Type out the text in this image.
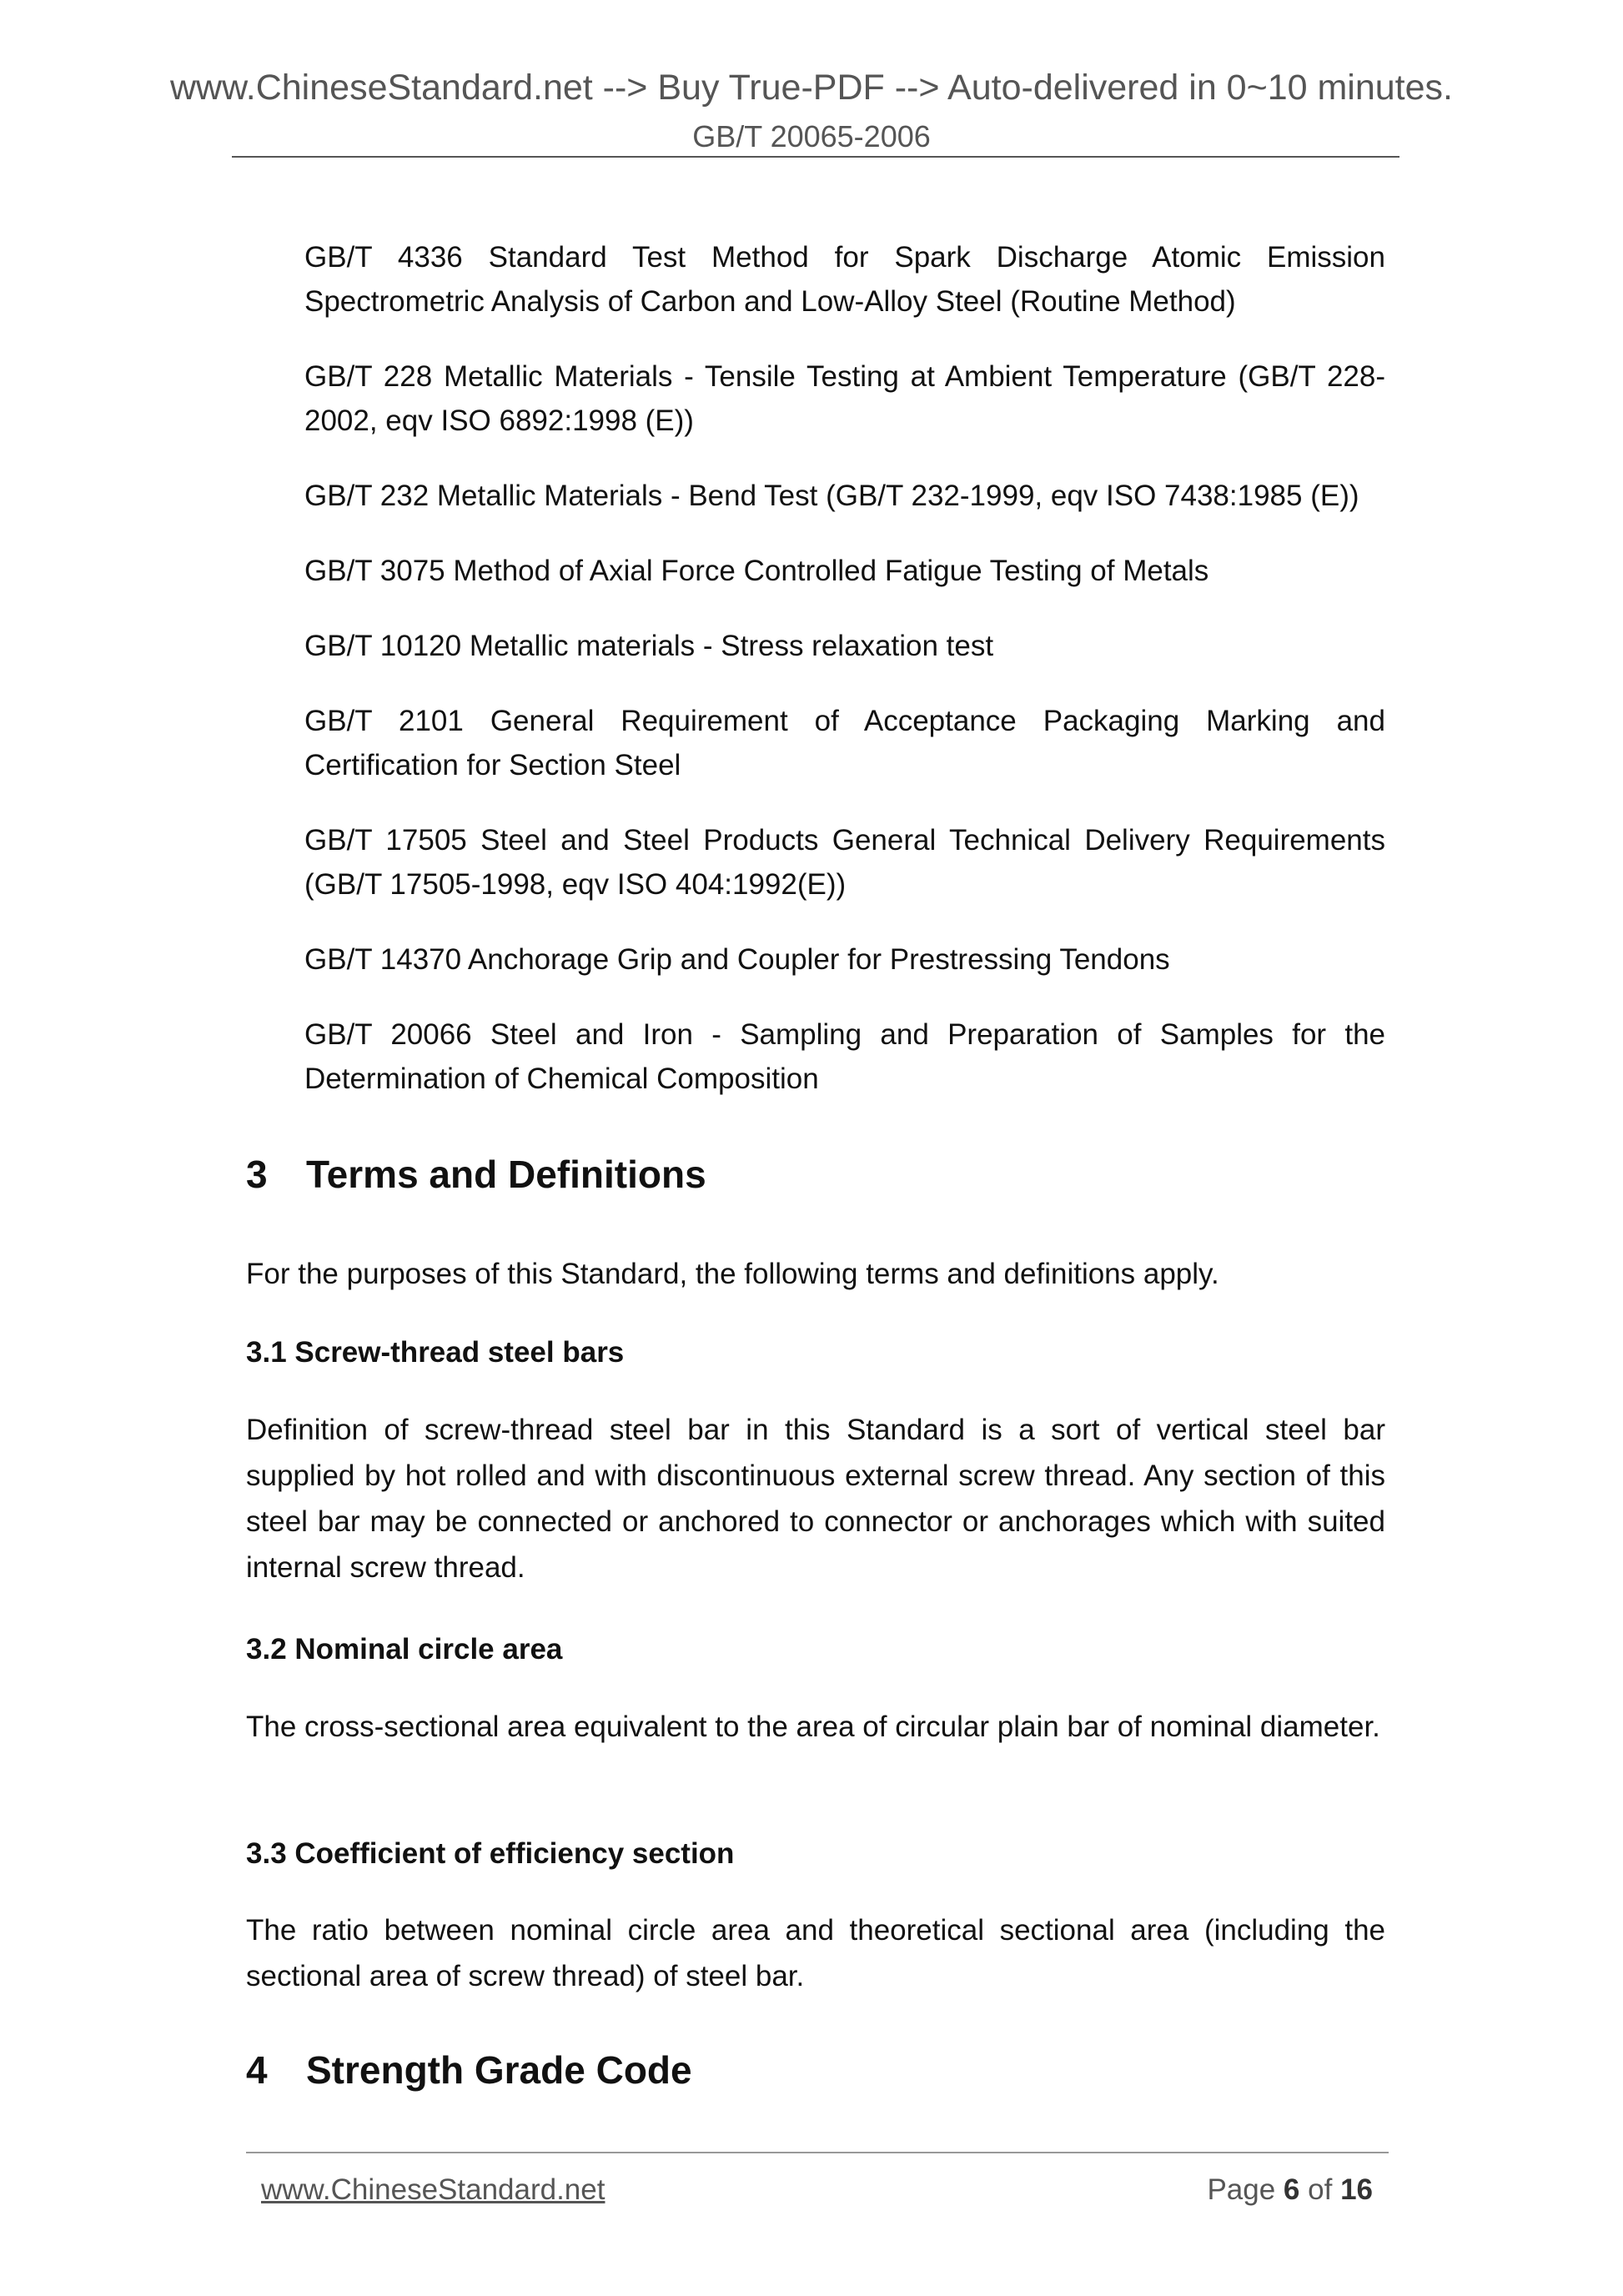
www.ChineseStandard.net --> Buy True-PDF --> Auto-delivered in 0~10 minutes.
GB/T 20065-2006

GB/T 4336 Standard Test Method for Spark Discharge Atomic Emission Spectrometric Analysis of Carbon and Low-Alloy Steel (Routine Method)

GB/T 228 Metallic Materials - Tensile Testing at Ambient Temperature (GB/T 228-2002, eqv ISO 6892:1998 (E))

GB/T 232 Metallic Materials - Bend Test (GB/T 232-1999, eqv ISO 7438:1985 (E))

GB/T 3075 Method of Axial Force Controlled Fatigue Testing of Metals

GB/T 10120 Metallic materials - Stress relaxation test

GB/T 2101 General Requirement of Acceptance Packaging Marking and Certification for Section Steel

GB/T 17505 Steel and Steel Products General Technical Delivery Requirements (GB/T 17505-1998, eqv ISO 404:1992(E))

GB/T 14370 Anchorage Grip and Coupler for Prestressing Tendons

GB/T 20066 Steel and Iron - Sampling and Preparation of Samples for the Determination of Chemical Composition

3 Terms and Definitions

For the purposes of this Standard, the following terms and definitions apply.

3.1 Screw-thread steel bars

Definition of screw-thread steel bar in this Standard is a sort of vertical steel bar supplied by hot rolled and with discontinuous external screw thread. Any section of this steel bar may be connected or anchored to connector or anchorages which with suited internal screw thread.

3.2 Nominal circle area

The cross-sectional area equivalent to the area of circular plain bar of nominal diameter.

3.3 Coefficient of efficiency section

The ratio between nominal circle area and theoretical sectional area (including the sectional area of screw thread) of steel bar.

4 Strength Grade Code
www.ChineseStandard.net	Page 6 of 16
